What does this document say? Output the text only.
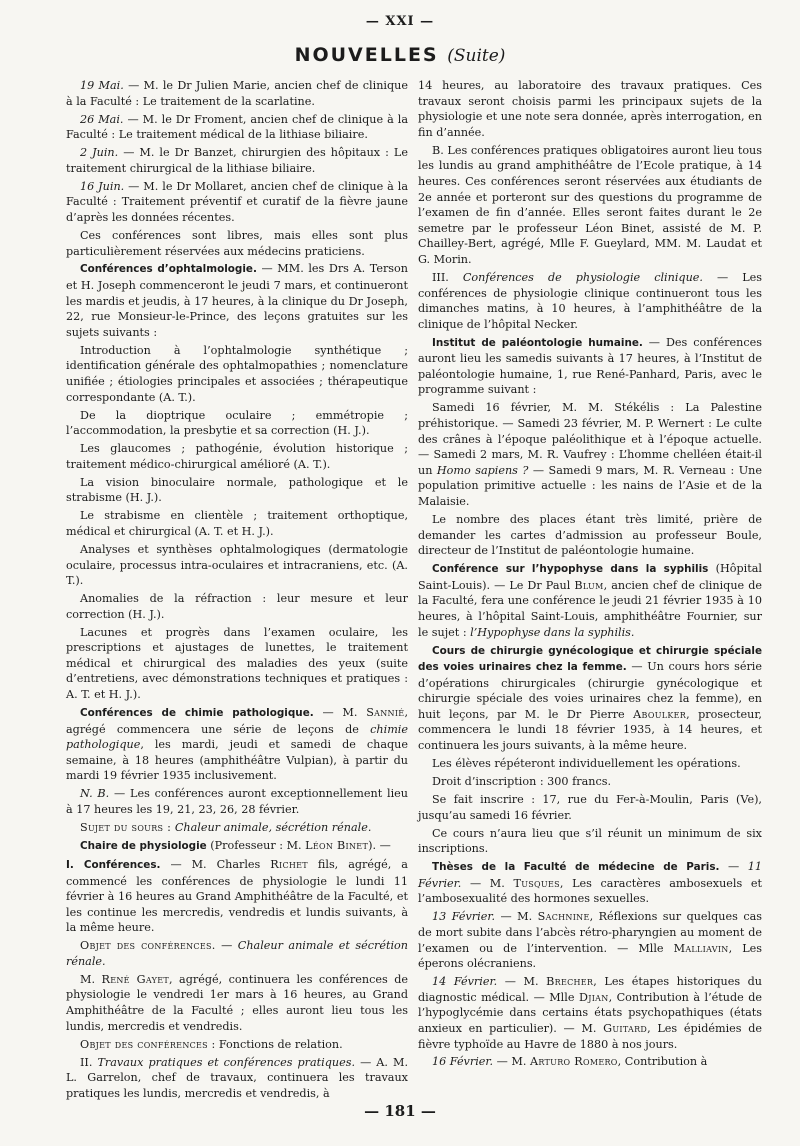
— XXI —
NOUVELLES (Suite)

19 Mai. — M. le Dr Julien Marie, ancien chef de clinique à la Faculté : Le traitement de la scarlatine.

26 Mai. — M. le Dr Froment, ancien chef de clinique à la Faculté : Le traitement médical de la lithiase biliaire.

2 Juin. — M. le Dr Banzet, chirurgien des hôpitaux : Le traitement chirurgical de la lithiase biliaire.

16 Juin. — M. le Dr Mollaret, ancien chef de clinique à la Faculté : Traitement préventif et curatif de la fièvre jaune d’après les données récentes.

Ces conférences sont libres, mais elles sont plus particulièrement réservées aux médecins praticiens.

Conférences d’ophtalmologie. — MM. les Drs A. Terson et H. Joseph commenceront le jeudi 7 mars, et continueront les mardis et jeudis, à 17 heures, à la clinique du Dr Joseph, 22, rue Monsieur-le-Prince, des leçons gratuites sur les sujets suivants :

Introduction à l’ophtalmologie synthétique ; identification générale des ophtalmopathies ; nomenclature unifiée ; étiologies principales et associées ; thérapeutique correspondante (A. T.).

De la dioptrique oculaire ; emmétropie ; l’accommodation, la presbytie et sa correction (H. J.).

Les glaucomes ; pathogénie, évolution historique ; traitement médico-chirurgical amélioré (A. T.).

La vision binoculaire normale, pathologique et le strabisme (H. J.).

Le strabisme en clientèle ; traitement orthoptique, médical et chirurgical (A. T. et H. J.).

Analyses et synthèses ophtalmologiques (dermatologie oculaire, processus intra-oculaires et intracraniens, etc. (A. T.).

Anomalies de la réfraction : leur mesure et leur correction (H. J.).

Lacunes et progrès dans l’examen oculaire, les prescriptions et ajustages de lunettes, le traitement médical et chirurgical des maladies des yeux (suite d’entretiens, avec démonstrations techniques et pratiques : A. T. et H. J.).

Conférences de chimie pathologique. — M. Sannié, agrégé commencera une série de leçons de chimie pathologique, les mardi, jeudi et samedi de chaque semaine, à 18 heures (amphithéâtre Vulpian), à partir du mardi 19 février 1935 inclusivement.

N. B. — Les conférences auront exceptionnellement lieu à 17 heures les 19, 21, 23, 26, 28 février.

Sujet du sours : Chaleur animale, sécrétion rénale.

Chaire de physiologie (Professeur : M. Léon Binet). —

I. Conférences. — M. Charles Richet fils, agrégé, a commencé les conférences de physiologie le lundi 11 février à 16 heures au Grand Amphithéâtre de la Faculté, et les continue les mercredis, vendredis et lundis suivants, à la même heure.

Objet des conférences. — Chaleur animale et sécrétion rénale.

M. René Gayet, agrégé, continuera les conférences de physiologie le vendredi 1er mars à 16 heures, au Grand Amphithéâtre de la Faculté ; elles auront lieu tous les lundis, mercredis et vendredis.

Objet des conférences : Fonctions de relation.

II. Travaux pratiques et conférences pratiques. — A. M. L. Garrelon, chef de travaux, continuera les travaux pratiques les lundis, mercredis et vendredis, à

14 heures, au laboratoire des travaux pratiques. Ces travaux seront choisis parmi les principaux sujets de la physiologie et une note sera donnée, après interrogation, en fin d’année.

B. Les conférences pratiques obligatoires auront lieu tous les lundis au grand amphithéâtre de l’Ecole pratique, à 14 heures. Ces conférences seront réservées aux étudiants de 2e année et porteront sur des questions du programme de l’examen de fin d’année. Elles seront faites durant le 2e semetre par le professeur Léon Binet, assisté de M. P. Chailley-Bert, agrégé, Mlle F. Gueylard, MM. M. Laudat et G. Morin.

III. Conférences de physiologie clinique. — Les conférences de physiologie clinique continueront tous les dimanches matins, à 10 heures, à l’amphithéâtre de la clinique de l’hôpital Necker.

Institut de paléontologie humaine. — Des conférences auront lieu les samedis suivants à 17 heures, à l’Institut de paléontologie humaine, 1, rue René-Panhard, Paris, avec le programme suivant :

Samedi 16 février, M. M. Stékélis : La Palestine préhistorique. — Samedi 23 février, M. P. Wernert : Le culte des crânes à l’époque paléolithique et à l’époque actuelle. — Samedi 2 mars, M. R. Vaufrey : L’homme chelléen était-il un Homo sapiens ? — Samedi 9 mars, M. R. Verneau : Une population primitive actuelle : les nains de l’Asie et de la Malaisie.

Le nombre des places étant très limité, prière de demander les cartes d’admission au professeur Boule, directeur de l’Institut de paléontologie humaine.

Conférence sur l’hypophyse dans la syphilis (Hôpital Saint-Louis). — Le Dr Paul Blum, ancien chef de clinique de la Faculté, fera une conférence le jeudi 21 février 1935 à 10 heures, à l’hôpital Saint-Louis, amphithéâtre Fournier, sur le sujet : l’Hypophyse dans la syphilis.

Cours de chirurgie gynécologique et chirurgie spéciale des voies urinaires chez la femme. — Un cours hors série d’opérations chirurgicales (chirurgie gynécologique et chirurgie spéciale des voies urinaires chez la femme), en huit leçons, par M. le Dr Pierre Aboulker, prosecteur, commencera le lundi 18 février 1935, à 14 heures, et continuera les jours suivants, à la même heure.

Les élèves répéteront individuellement les opérations.

Droit d’inscription : 300 francs.

Se fait inscrire : 17, rue du Fer-à-Moulin, Paris (Ve), jusqu’au samedi 16 février.

Ce cours n’aura lieu que s’il réunit un minimum de six inscriptions.

Thèses de la Faculté de médecine de Paris. — 11 Février. — M. Tusques, Les caractères ambosexuels et l’ambosexualité des hormones sexuelles.

13 Février. — M. Sachnine, Réflexions sur quelques cas de mort subite dans l’abcès rétro-pharyngien au moment de l’examen ou de l’intervention. — Mlle Malliavin, Les éperons olécraniens.

14 Février. — M. Brecher, Les étapes historiques du diagnostic médical. — Mlle Djian, Contribution à l’étude de l’hypoglycémie dans certains états psychopathiques (états anxieux en particulier). — M. Guitard, Les épidémies de fièvre typhoïde au Havre de 1880 à nos jours.

16 Février. — M. Arturo Romero, Contribution à

— 181 —
